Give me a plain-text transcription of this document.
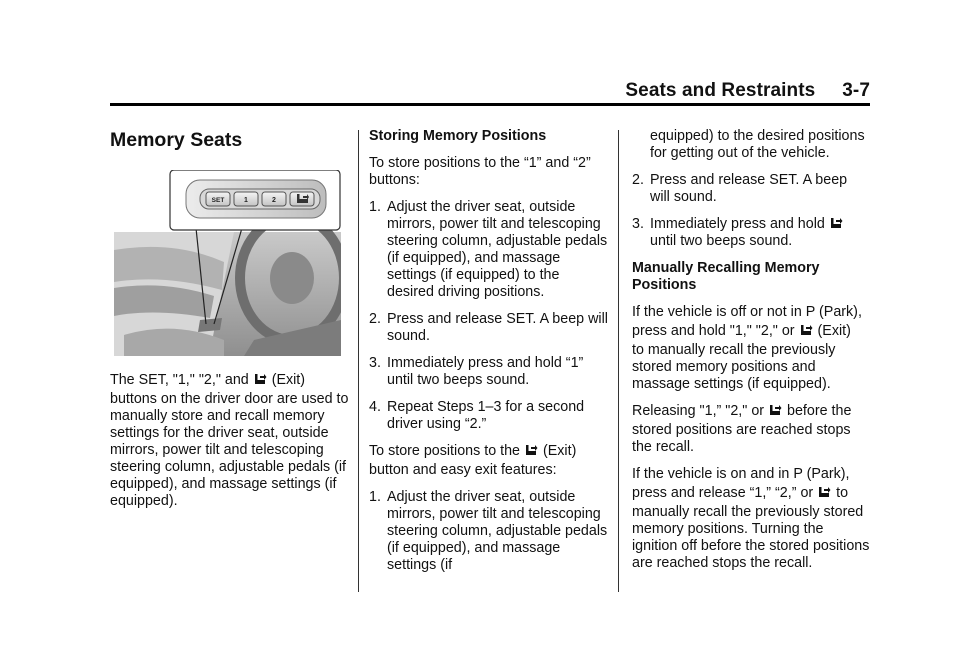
Seats and Restraints     3-7
Memory Seats
SET	1	2

The SET, "1," "2," and (Exit)

buttons on the driver door are used to manually store and recall memory settings for the driver seat, outside mirrors, power tilt and telescoping steering column, adjustable pedals (if equipped), and massage settings (if equipped).

Storing Memory Positions

To store positions to the “1” and “2” buttons:

1. Adjust the driver seat, outside mirrors, power tilt and telescoping steering column, adjustable pedals (if equipped), and massage settings (if equipped) to the desired driving positions.
2. Press and release SET. A beep will sound.
3. Immediately press and hold “1” until two beeps sound.
4. Repeat Steps 1–3 for a second driver using “2.”

To store positions to the (Exit)

button and easy exit features:

1. Adjust the driver seat, outside mirrors, power tilt and telescoping steering column, adjustable pedals (if equipped), and massage settings (if

equipped) to the desired positions for getting out of the vehicle.

2. Press and release SET. A beep will sound.
3. Immediately press and hold
until two beeps sound.

Manually Recalling Memory Positions

If the vehicle is off or not in P (Park),

press and hold "1," "2," or (Exit)

to manually recall the previously stored memory positions and massage settings (if equipped).

Releasing "1,” "2," or before the

stored positions are reached stops the recall.

If the vehicle is on and in P (Park),

press and release “1,” “2,” or to

manually recall the previously stored memory positions. Turning the ignition off before the stored positions are reached stops the recall.
